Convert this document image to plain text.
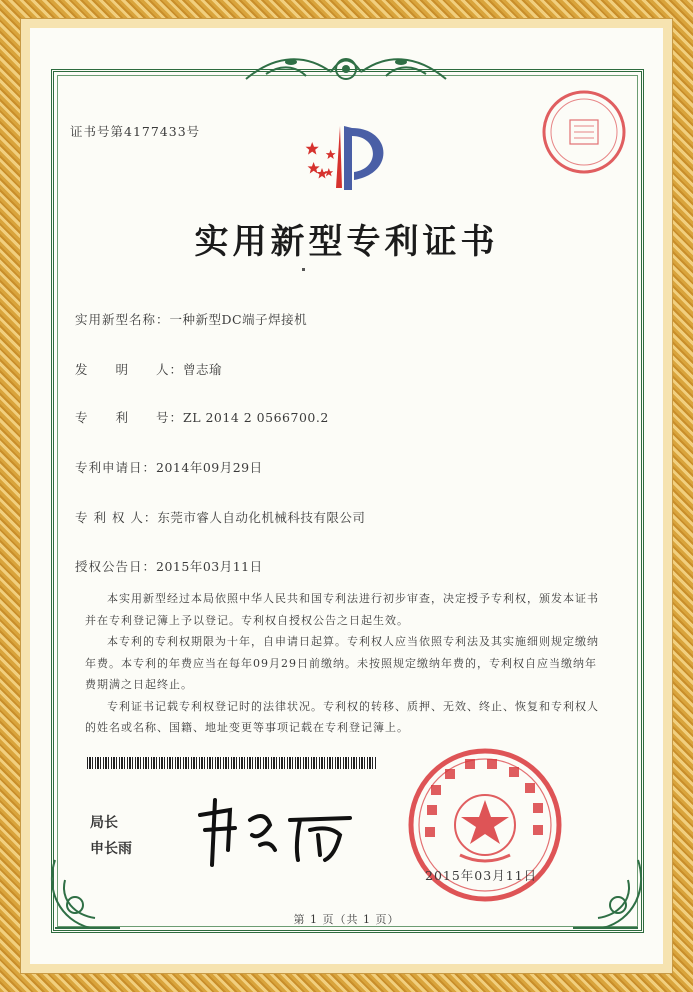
证书号第4177433号
实用新型专利证书
实用新型名称：一种新型DC端子焊接机
发　　明　　人：曾志瑜
专　　利　　号：ZL 2014 2 0566700.2
专利申请日：2014年09月29日
专 利 权 人：东莞市睿人自动化机械科技有限公司
授权公告日：2015年03月11日

本实用新型经过本局依照中华人民共和国专利法进行初步审查，决定授予专利权，颁发本证书并在专利登记簿上予以登记。专利权自授权公告之日起生效。

本专利的专利权期限为十年，自申请日起算。专利权人应当依照专利法及其实施细则规定缴纳年费。本专利的年费应当在每年09月29日前缴纳。未按照规定缴纳年费的，专利权自应当缴纳年费期满之日起终止。

专利证书记载专利权登记时的法律状况。专利权的转移、质押、无效、终止、恢复和专利权人的姓名或名称、国籍、地址变更等事项记载在专利登记簿上。

局长
申长雨
2015年03月11日
第 1 页（共 1 页）
